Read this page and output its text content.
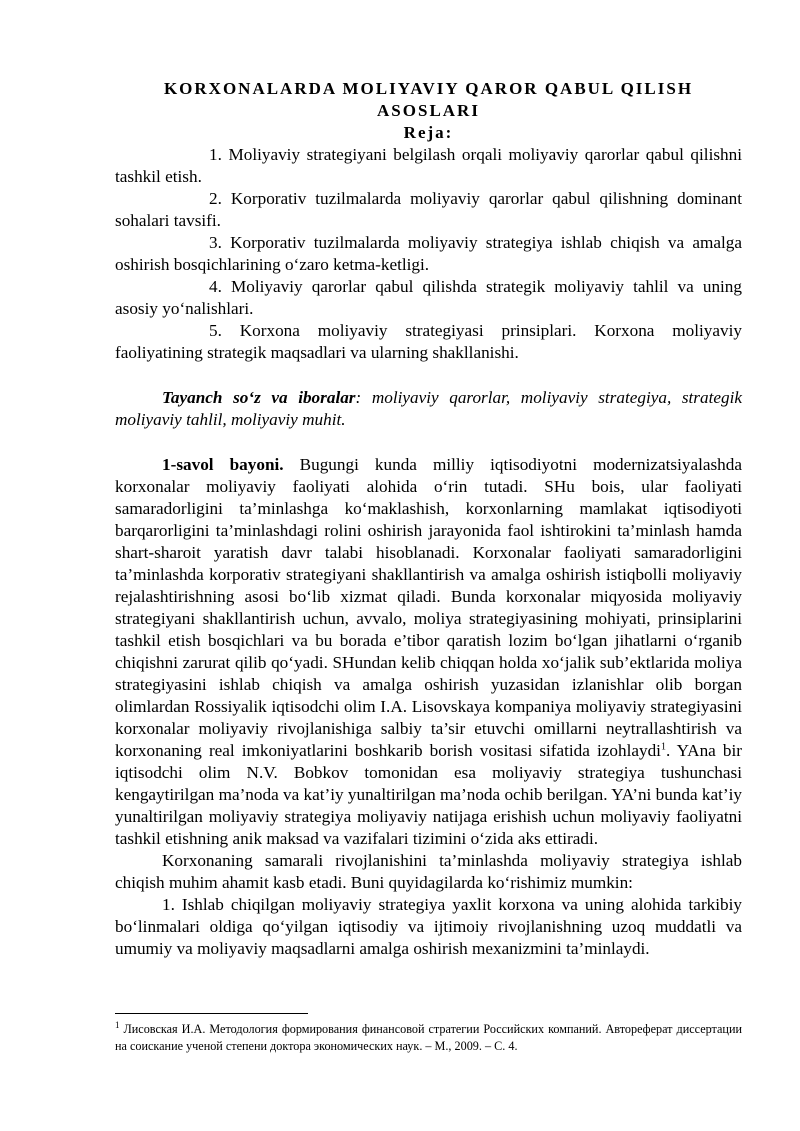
KORXONALARDA MOLIYAVIY QAROR QABUL QILISH ASOSLARI
Reja:

1. Moliyaviy strategiyani belgilash orqali moliyaviy qarorlar qabul qilishni tashkil etish.

2. Korporativ tuzilmalarda moliyaviy qarorlar qabul qilishning dominant sohalari tavsifi.

3. Korporativ tuzilmalarda moliyaviy strategiya ishlab chiqish va amalga oshirish bosqichlarining o‘zaro ketma-ketligi.

4. Moliyaviy qarorlar qabul qilishda strategik moliyaviy tahlil va uning asosiy yo‘nalishlari.

5. Korxona moliyaviy strategiyasi prinsiplari. Korxona moliyaviy faoliyatining strategik maqsadlari va ularning shakllanishi.

Tayanch so‘z va iboralar: moliyaviy qarorlar, moliyaviy strategiya, strategik moliyaviy tahlil, moliyaviy muhit.

1-savol bayoni. Bugungi kunda milliy iqtisodiyotni modernizatsiyalashda korxonalar moliyaviy faoliyati alohida o‘rin tutadi. SHu bois, ular faoliyati samaradorligini ta’minlashga ko‘maklashish, korxonlarning mamlakat iqtisodiyoti barqarorligini ta’minlashdagi rolini oshirish jarayonida faol ishtirokini ta’minlash hamda shart-sharoit yaratish davr talabi hisoblanadi. Korxonalar faoliyati samaradorligini ta’minlashda korporativ strategiyani shakllantirish va amalga oshirish istiqbolli moliyaviy rejalashtirishning asosi bo‘lib xizmat qiladi. Bunda korxonalar miqyosida moliyaviy strategiyani shakllantirish uchun, avvalo, moliya strategiyasining mohiyati, prinsiplarini tashkil etish bosqichlari va bu borada e’tibor qaratish lozim bo‘lgan jihatlarni o‘rganib chiqishni zarurat qilib qo‘yadi. SHundan kelib chiqqan holda xo‘jalik sub’ektlarida moliya strategiyasini ishlab chiqish va amalga oshirish yuzasidan izlanishlar olib borgan olimlardan Rossiyalik iqtisodchi olim I.A. Lisovskaya kompaniya moliyaviy strategiyasini korxonalar moliyaviy rivojlanishiga salbiy ta’sir etuvchi omillarni neytrallashtirish va korxonaning real imkoniyatlarini boshkarib borish vositasi sifatida izohlaydi$^1$. YAna bir iqtisodchi olim N.V. Bobkov tomonidan esa moliyaviy strategiya tushunchasi kengaytirilgan ma’noda va kat’iy yunaltirilgan ma’noda ochib berilgan. YA’ni bunda kat’iy yunaltirilgan moliyaviy strategiya moliyaviy natijaga erishish uchun moliyaviy faoliyatni tashkil etishning anik maksad va vazifalari tizimini o‘zida aks ettiradi.

Korxonaning samarali rivojlanishini ta’minlashda moliyaviy strategiya ishlab chiqish muhim ahamit kasb etadi. Buni quyidagilarda ko‘rishimiz mumkin:

1. Ishlab chiqilgan moliyaviy strategiya yaxlit korxona va uning alohida tarkibiy bo‘linmalari oldiga qo‘yilgan iqtisodiy va ijtimoiy rivojlanishning uzoq muddatli va umumiy va moliyaviy maqsadlarni amalga oshirish mexanizmini ta’minlaydi.

$^1$ Лисовская И.А. Методология формирования финансовой стратегии Российских компаний. Автореферат диссертации на соискание ученой степени доктора экономических наук. – М., 2009. – С. 4.
